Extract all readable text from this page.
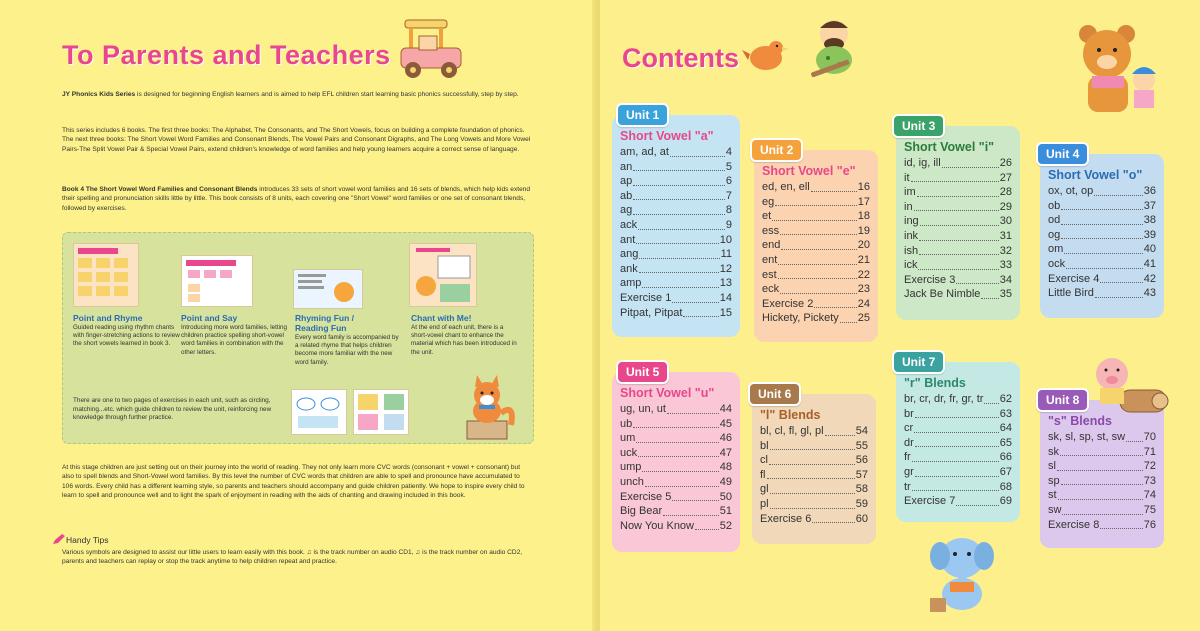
To Parents and Teachers

JY Phonics Kids Series is designed for beginning English learners and is aimed to help EFL children start learning basic phonics successfully, step by step.

This series includes 6 books. The first three books: The Alphabet, The Consonants, and The Short Vowels, focus on building a complete foundation of phonics. The next three books: The Short Vowel Word Families and Consonant Blends, The Vowel Pairs and Consonant Digraphs, and The Long Vowels and More Vowel Pairs-The Split Vowel Pair & Special Vowel Pairs, extend children's knowledge of word families and help young learners acquire a correct sense of language.

Book 4 The Short Vowel Word Families and Consonant Blends introduces 33 sets of short vowel word families and 16 sets of blends, which help kids extend their spelling and pronunciation skills little by little. This book consists of 8 units, each covering one "Short Vowel" word families or one set of consonant blends, followed by exercises.

Point and Rhyme

Guided reading using rhythm chants with finger-stretching actions to review the short vowels learned in book 3.

Point and Say

Introducing more word families, letting children practice spelling short-vowel word families in combination with the other letters.

Rhyming Fun / Reading Fun

Every word family is accompanied by a related rhyme that helps children become more familiar with the new word family.

Chant with Me!

At the end of each unit, there is a short-vowel chant to enhance the material which has been introduced in the unit.

There are one to two pages of exercises in each unit, such as circling, matching...etc. which guide children to review the unit, reinforcing new knowledge through further practice.

At this stage children are just setting out on their journey into the world of reading. They not only learn more CVC words (consonant + vowel + consonant) but also to spell blends and Short-Vowel word families. By this level the number of CVC words that children are able to spell and pronounce have accumulated to 106 words. Every child has a different learning style, so parents and teachers should accompany and guide children patiently. We hope to inspire every child to learn to spell and pronounce well and to light the spark of enjoyment in reading with the aids of chanting and drawing included in this book.

Handy Tips

Various symbols are designed to assist our little users to learn easily with this book. ♫ is the track number on audio CD1, ♫ is the track number on audio CD2, parents and teachers can replay or stop the track anytime to help children repeat and practice.

Contents
Unit 1

Short Vowel "a"

am, ad, at	4
an	5
ap	6
ab	7
ag	8
ack	9
ant	10
ang	11
ank	12
amp	13
Exercise 1	14
Pitpat, Pitpat	15
Unit 2

Short Vowel "e"

ed, en, ell	16
eg	17
et	18
ess	19
end	20
ent	21
est	22
eck	23
Exercise 2	24
Hickety, Pickety 25
Unit 3

Short Vowel "i"

id, ig, ill	26
it	27
im	28
in	29
ing	30
ink	31
ish	32
ick	33
Exercise 3	34
Jack Be Nimble 35
Unit 4

Short Vowel "o"

ox, ot, op	36
ob	37
od	38
og	39
om	40
ock	41
Exercise 4	42
Little Bird	43
Unit 5

Short Vowel "u"

ug, un, ut	44
ub	45
um	46
uck	47
ump	48
unch	49
Exercise 5	50
Big Bear	51
Now You Know 52
Unit 6

"l" Blends

bl, cl, fl, gl, pl	54
bl	55
cl	56
fl	57
gl	58
pl	59
Exercise 6	60
Unit 7

"r" Blends

br, cr, dr, fr, gr, tr 62
br	63
cr	64
dr	65
fr	66
gr	67
tr	68
Exercise 7	69
Unit 8

"s" Blends

sk, sl, sp, st, sw 70
sk	71
sl	72
sp	73
st	74
sw	75
Exercise 8	76
